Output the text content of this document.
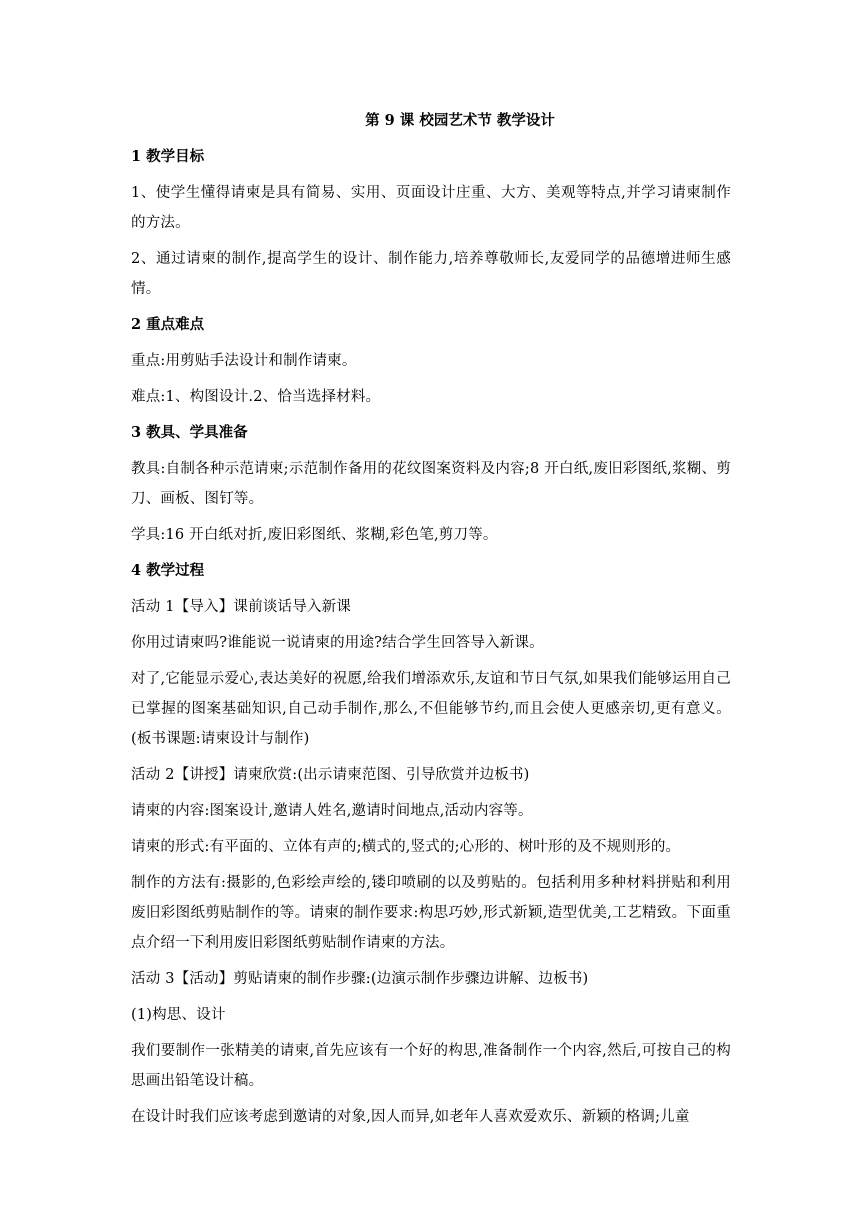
第 9 课 校园艺术节 教学设计
1 教学目标
1、使学生懂得请柬是具有简易、实用、页面设计庄重、大方、美观等特点,并学习请柬制作的方法。
2、通过请柬的制作,提高学生的设计、制作能力,培养尊敬师长,友爱同学的品德增进师生感情。
2 重点难点
重点:用剪贴手法设计和制作请柬。
难点:1、构图设计.2、恰当选择材料。
3 教具、学具准备
教具:自制各种示范请柬;示范制作备用的花纹图案资料及内容;8 开白纸,废旧彩图纸,浆糊、剪刀、画板、图钉等。
学具:16 开白纸对折,废旧彩图纸、浆糊,彩色笔,剪刀等。
4 教学过程
活动 1【导入】课前谈话导入新课
你用过请柬吗?谁能说一说请柬的用途?结合学生回答导入新课。
对了,它能显示爱心,表达美好的祝愿,给我们增添欢乐,友谊和节日气氛,如果我们能够运用自己已掌握的图案基础知识,自己动手制作,那么,不但能够节约,而且会使人更感亲切,更有意义。(板书课题:请柬设计与制作)
活动 2【讲授】请柬欣赏:(出示请柬范图、引导欣赏并边板书)
请柬的内容:图案设计,邀请人姓名,邀请时间地点,活动内容等。
请柬的形式:有平面的、立体有声的;横式的,竖式的;心形的、树叶形的及不规则形的。
制作的方法有:摄影的,色彩绘声绘的,镂印喷刷的以及剪贴的。包括利用多种材料拼贴和利用废旧彩图纸剪贴制作的等。请柬的制作要求:构思巧妙,形式新颖,造型优美,工艺精致。下面重点介绍一下利用废旧彩图纸剪贴制作请柬的方法。
活动 3【活动】剪贴请柬的制作步骤:(边演示制作步骤边讲解、边板书)
(1)构思、设计
我们要制作一张精美的请柬,首先应该有一个好的构思,准备制作一个内容,然后,可按自己的构思画出铅笔设计稿。
在设计时我们应该考虑到邀请的对象,因人而异,如老年人喜欢爱欢乐、新颖的格调;儿童
